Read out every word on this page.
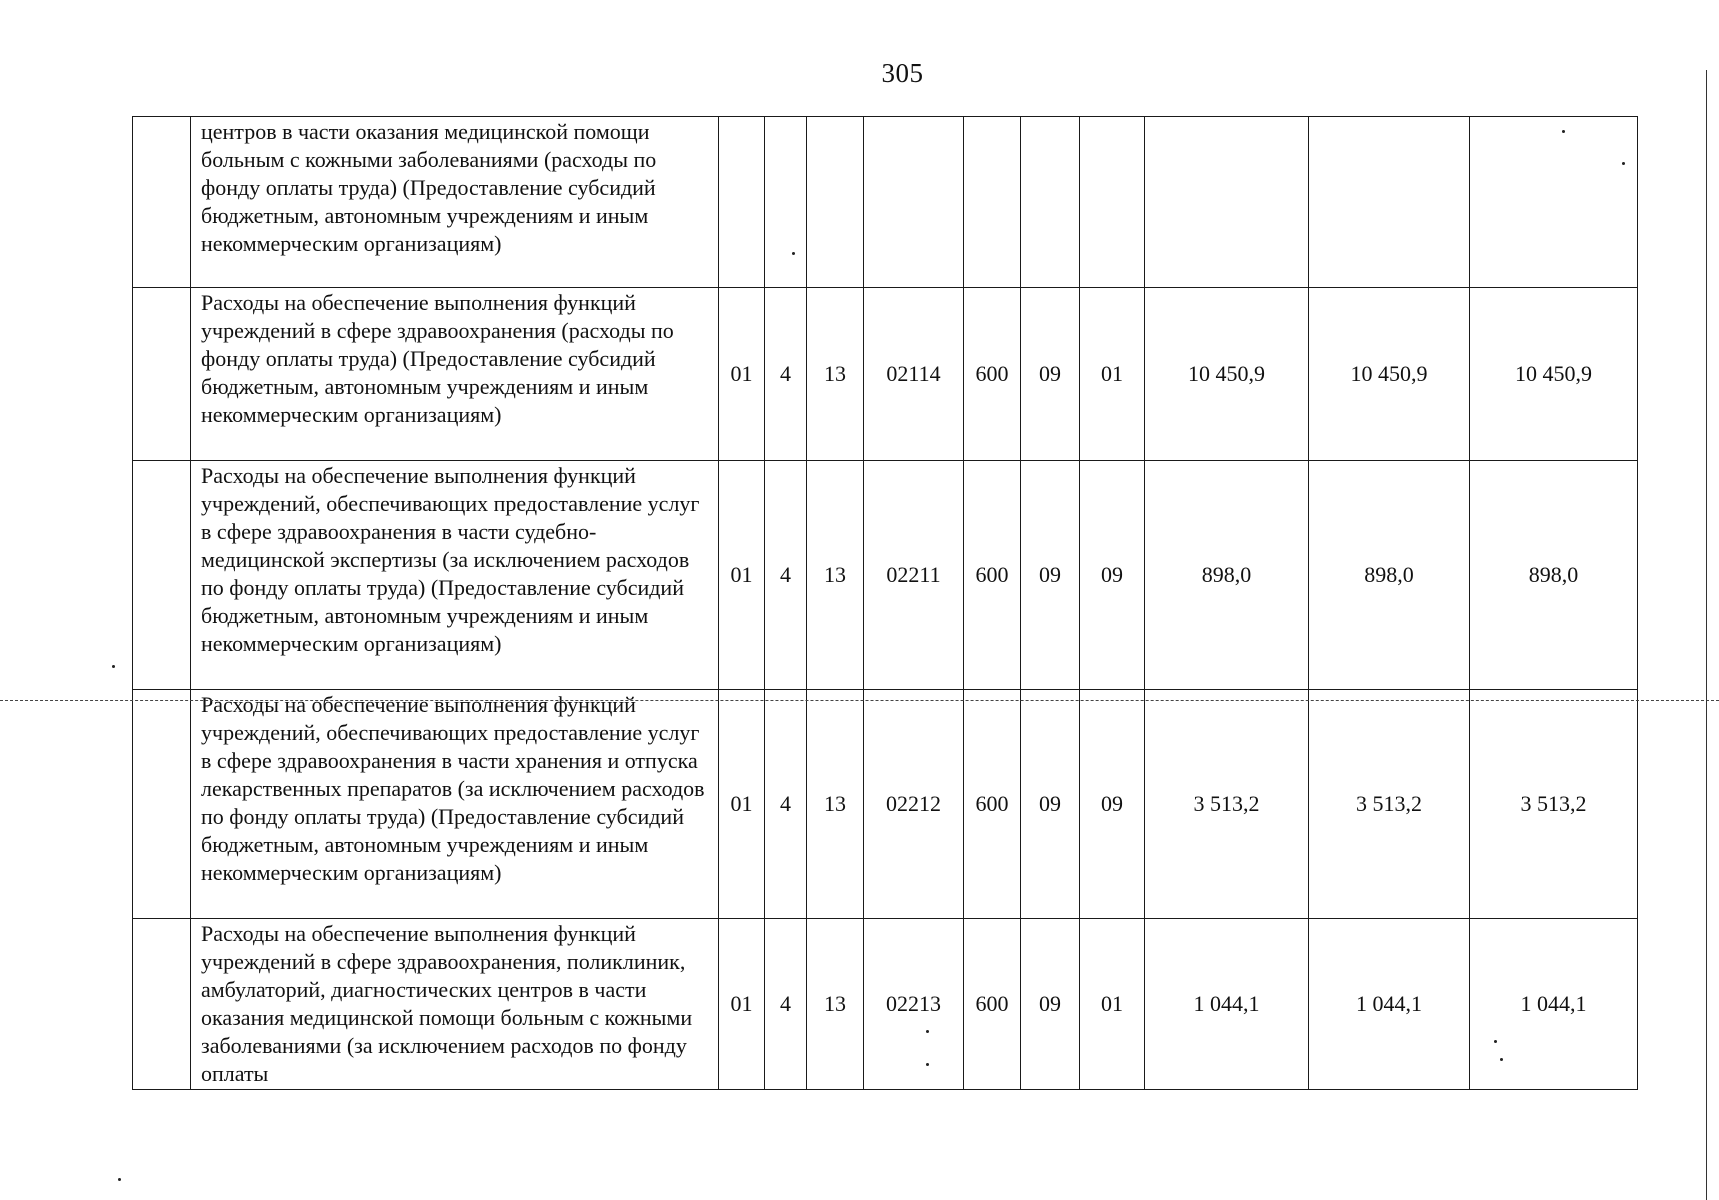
305
	центров в части оказания медицинской помощи больным с кожными заболеваниями (расходы по фонду оплаты труда) (Предоставление субсидий бюджетным, автономным учреждениям и иным некоммерческим организациям)										
	Расходы на обеспечение выполнения функций учреждений в сфере здравоохранения (расходы по фонду оплаты труда) (Предоставление субсидий бюджетным, автономным учреждениям и иным некоммерческим организациям)	01	4	13	02114	600	09	01	10 450,9	10 450,9	10 450,9
	Расходы на обеспечение выполнения функций учреждений, обеспечивающих предоставление услуг в сфере здравоохранения в части судебно-медицинской экспертизы (за исключением расходов по фонду оплаты труда) (Предоставление субсидий бюджетным, автономным учреждениям и иным некоммерческим организациям)	01	4	13	02211	600	09	09	898,0	898,0	898,0
	Расходы на обеспечение выполнения функций учреждений, обеспечивающих предоставление услуг в сфере здравоохранения в части хранения и отпуска лекарственных препаратов (за исключением расходов по фонду оплаты труда) (Предоставление субсидий бюджетным, автономным учреждениям и иным некоммерческим организациям)	01	4	13	02212	600	09	09	3 513,2	3 513,2	3 513,2
	Расходы на обеспечение выполнения функций учреждений в сфере здравоохранения, поликлиник, амбулаторий, диагностических центров в части оказания медицинской помощи больным с кожными заболеваниями (за исключением расходов по фонду оплаты	01	4	13	02213	600	09	01	1 044,1	1 044,1	1 044,1
